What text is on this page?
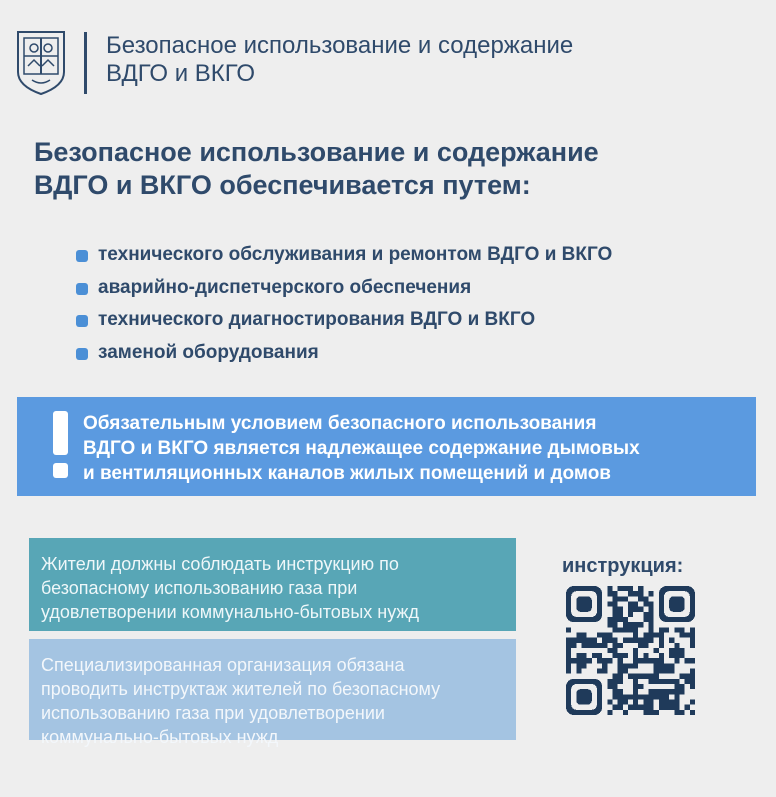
Безопасное использование и содержание
ВДГО и ВКГО
Безопасное использование и содержание
ВДГО и ВКГО обеспечивается путем:
технического обслуживания и ремонтом ВДГО и ВКГО
аварийно-диспетчерского обеспечения
технического диагностирования ВДГО и ВКГО
заменой оборудования
Обязательным условием безопасного использования
ВДГО и ВКГО является надлежащее содержание дымовых
и вентиляционных каналов жилых помещений и домов
Жители должны соблюдать инструкцию по
безопасному использованию газа при
удовлетворении коммунально-бытовых нужд
Специализированная организация обязана
проводить инструктаж жителей по безопасному
использованию газа при удовлетворении
коммунально-бытовых нужд
инструкция:
